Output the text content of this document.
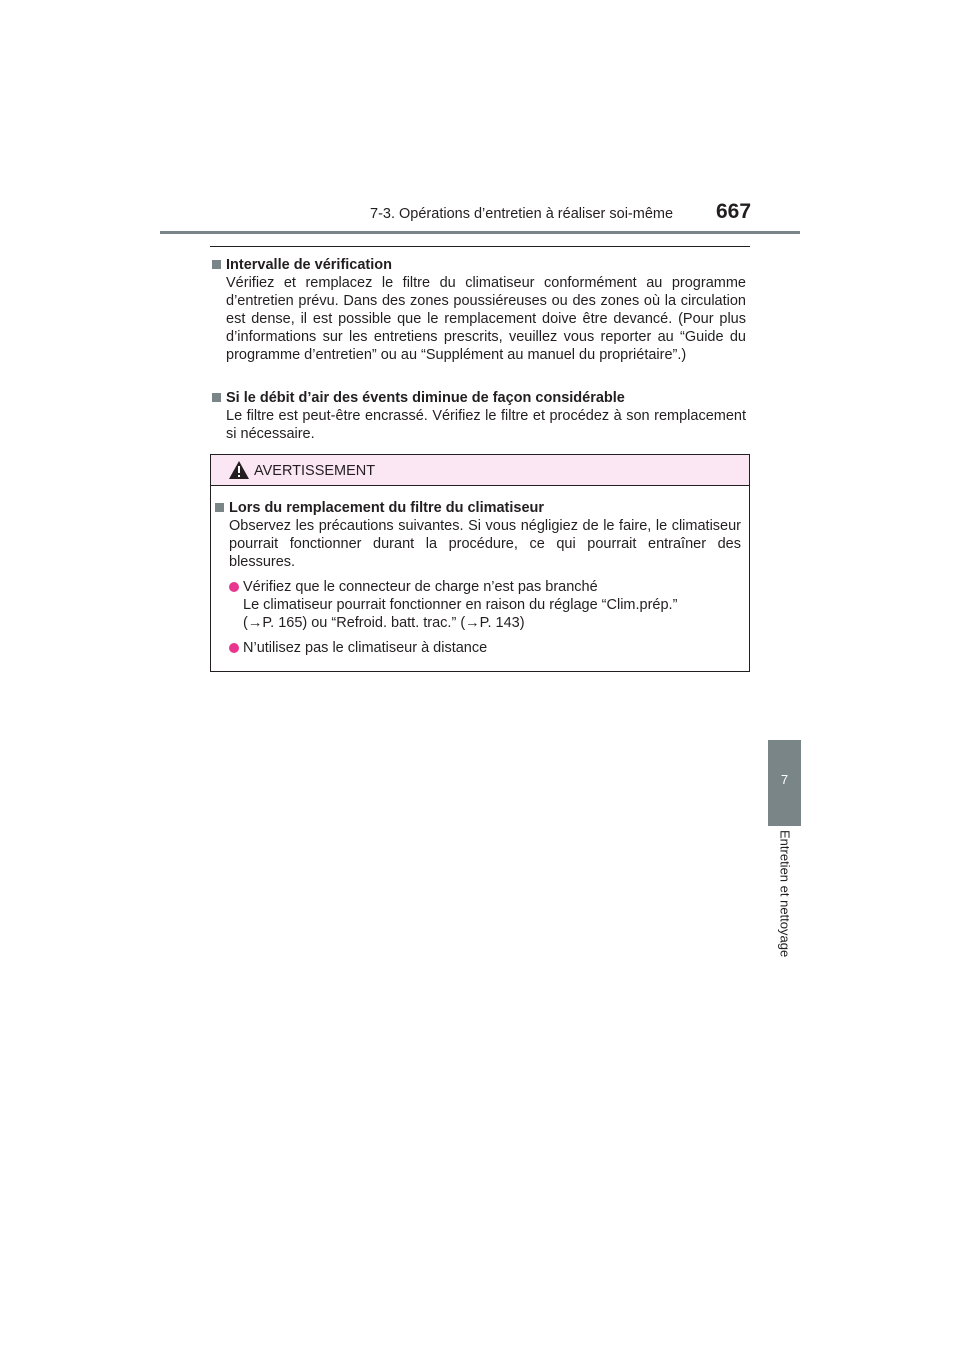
7-3. Opérations d’entretien à réaliser soi-même 667
7
Entretien et nettoyage
Intervalle de vérification
Vérifiez et remplacez le filtre du climatiseur conformément au programme d’entretien prévu. Dans des zones poussiéreuses ou des zones où la circulation est dense, il est possible que le remplacement doive être devancé. (Pour plus d’informations sur les entretiens prescrits, veuillez vous reporter au “Guide du programme d’entretien” ou au “Supplément au manuel du propriétaire”.)
Si le débit d’air des évents diminue de façon considérable
Le filtre est peut-être encrassé. Vérifiez le filtre et procédez à son remplacement si nécessaire.
AVERTISSEMENT
Lors du remplacement du filtre du climatiseur
Observez les précautions suivantes. Si vous négligiez de le faire, le climatiseur pourrait fonctionner durant la procédure, ce qui pourrait entraîner des blessures.
Vérifiez que le connecteur de charge n’est pas branché
Le climatiseur pourrait fonctionner en raison du réglage “Clim.prép.”
(→P. 165) ou “Refroid. batt. trac.” (→P. 143)
N’utilisez pas le climatiseur à distance
